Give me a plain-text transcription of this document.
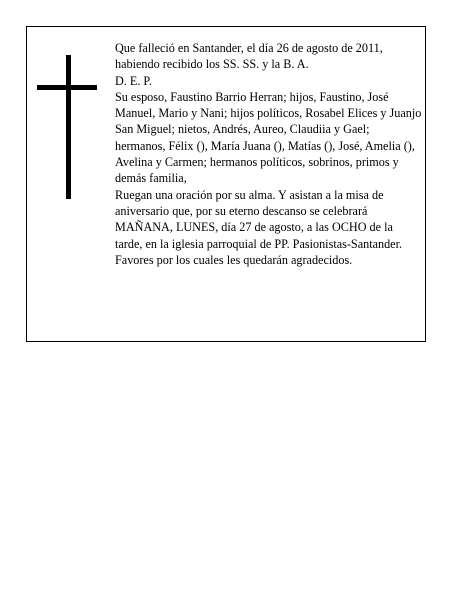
Que falleció en Santander, el día 26 de agosto de 2011, habiendo recibido los SS. SS. y la B. A.

D. E. P.

Su esposo, Faustino Barrio Herran; hijos, Faustino, José Manuel, Mario y Nani; hijos políticos, Rosabel Elices y Juanjo San Miguel; nietos, Andrés, Aureo, Claudiia y Gael; hermanos, Félix (), María Juana (), Matías (), José, Amelia (), Avelina y Carmen; hermanos políticos, sobrinos, primos y demás familia,

Ruegan una oración por su alma. Y asistan a la misa de aniversario que, por su eterno descanso se celebrará MAÑANA, LUNES, día 27 de agosto, a las OCHO de la tarde, en la iglesia parroquial de PP. Pasionistas-Santander. Favores por los cuales les quedarán agradecidos.
